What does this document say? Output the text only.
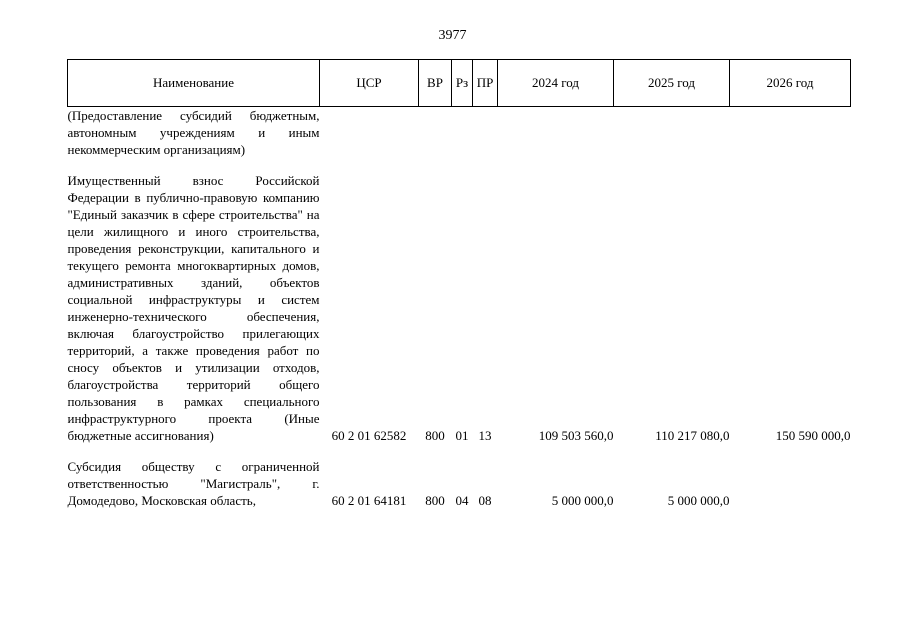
3977
Наименование	ЦСР	ВР	Рз	ПР	2024 год	2025 год	2026 год
(Предоставление субсидий бюджетным, автономным учреждениям и иным некоммерческим организациям)							

Имущественный взнос Российской Федерации в публично-правовую компанию "Единый заказчик в сфере строительства" на цели жилищного и иного строительства, проведения реконструкции, капитального и текущего ремонта многоквартирных домов, административных зданий, объектов социальной инфраструктуры и систем инженерно-технического обеспечения, включая благоустройство прилегающих территорий, а также проведения работ по сносу объектов и утилизации отходов, благоустройства территорий общего пользования в рамках специального инфраструктурного проекта (Иные бюджетные ассигнования)	60 2 01 62582	800	01	13	109 503 560,0	110 217 080,0	150 590 000,0

Субсидия обществу с ограниченной ответственностью "Магистраль", г. Домодедово, Московская область,	60 2 01 64181	800	04	08	5 000 000,0	5 000 000,0	
